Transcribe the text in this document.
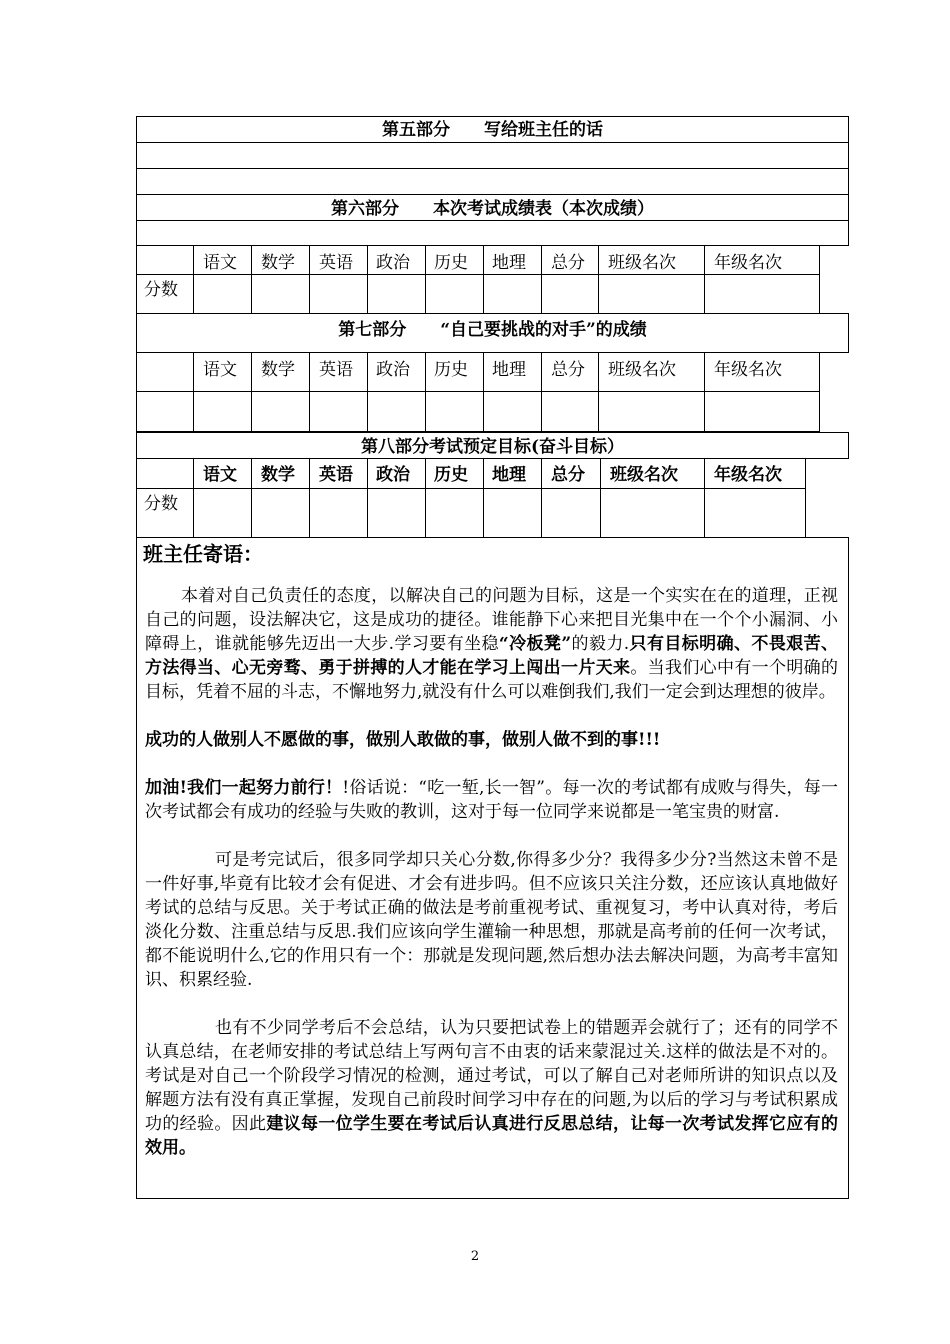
第五部分　　写给班主任的话
第六部分　　本次考试成绩表（本次成绩）
语文 数学 英语 政治 历史 地理 总分 班级名次 年级名次
分数
第七部分　　“自己要挑战的对手”的成绩
语文 数学 英语 政治 历史 地理 总分 班级名次 年级名次
第八部分考试预定目标(奋斗目标）
语文 数学 英语 政治 历史 地理 总分 班级名次 年级名次
分数
班主任寄语：

本着对自己负责任的态度，以解决自己的问题为目标，这是一个实实在在的道理，正视自己的问题，设法解决它，这是成功的捷径。谁能静下心来把目光集中在一个个小漏洞、小障碍上，谁就能够先迈出一大步.学习要有坐稳“冷板凳”的毅力.只有目标明确、不畏艰苦、方法得当、心无旁骛、勇于拼搏的人才能在学习上闯出一片天来。当我们心中有一个明确的目标，凭着不屈的斗志，不懈地努力,就没有什么可以难倒我们,我们一定会到达理想的彼岸。

成功的人做别人不愿做的事，做别人敢做的事，做别人做不到的事!!!

加油!我们一起努力前行！!俗话说：“吃一堑,长一智”。每一次的考试都有成败与得失，每一次考试都会有成功的经验与失败的教训，这对于每一位同学来说都是一笔宝贵的财富.

可是考完试后，很多同学却只关心分数,你得多少分？我得多少分?当然这未曾不是一件好事,毕竟有比较才会有促进、才会有进步吗。但不应该只关注分数，还应该认真地做好考试的总结与反思。关于考试正确的做法是考前重视考试、重视复习，考中认真对待，考后淡化分数、注重总结与反思.我们应该向学生灌输一种思想，那就是高考前的任何一次考试，都不能说明什么,它的作用只有一个：那就是发现问题,然后想办法去解决问题，为高考丰富知识、积累经验.

也有不少同学考后不会总结，认为只要把试卷上的错题弄会就行了；还有的同学不认真总结，在老师安排的考试总结上写两句言不由衷的话来蒙混过关.这样的做法是不对的。考试是对自己一个阶段学习情况的检测，通过考试，可以了解自己对老师所讲的知识点以及解题方法有没有真正掌握，发现自己前段时间学习中存在的问题,为以后的学习与考试积累成功的经验。因此建议每一位学生要在考试后认真进行反思总结，让每一次考试发挥它应有的效用。

2
